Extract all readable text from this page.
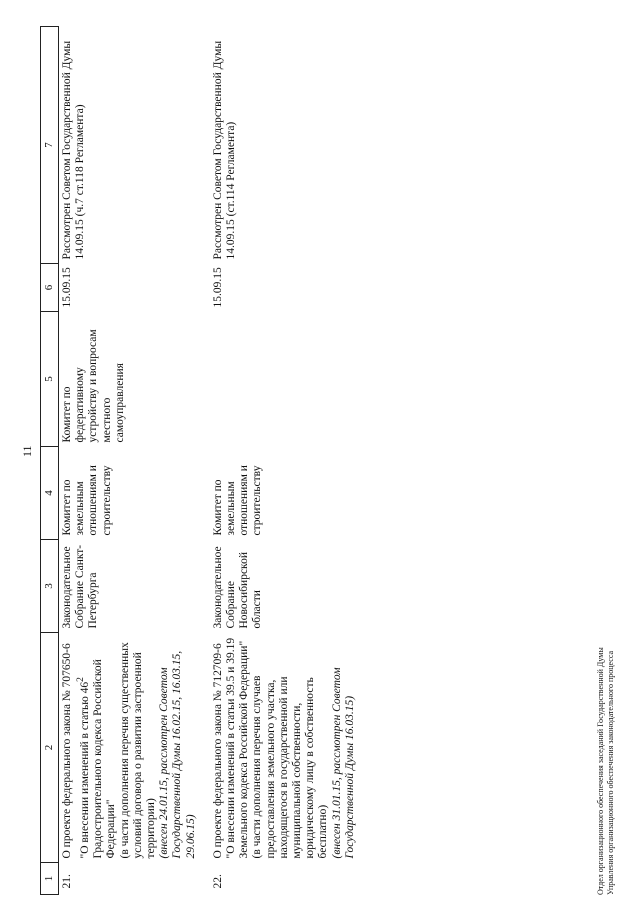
11
1	2	3	4	5	6	7
21.	О проекте федерального закона № 707650-6 "О внесении изменений в статью $46^2$ Градостроительного кодекса Российской Федерации" (в части дополнения перечня существенных условий договора о развитии застроенной территории) (внесен 24.01.15, рассмотрен Советом Государственной Думы 16.02.15, 16.03.15, 29.06.15)	Законодательное Собрание Санкт-Петербурга	Комитет по земельным отношениям и строительству	Комитет по федеративному устройству и вопросам местного самоуправления	15.09.15	Рассмотрен Советом Государственной Думы 14.09.15 (ч.7 ст.118 Регламента)
22.	О проекте федерального закона № 712709-6 "О внесении изменений в статьи 39.5 и 39.19 Земельного кодекса Российской Федерации" (в части дополнения перечня случаев предоставления земельного участка, находящегося в государственной или муниципальной собственности, юридическому лицу в собственность бесплатно) (внесен 31.01.15, рассмотрен Советом Государственной Думы 16.03.15)	Законодательное Собрание Новосибирской области	Комитет по земельным отношениям и строительству		15.09.15	Рассмотрен Советом Государственной Думы 14.09.15 (ст.114 Регламента)
Отдел организационного обеспечения заседаний Государственной Думы Управления организационного обеспечения законодательного процесса
